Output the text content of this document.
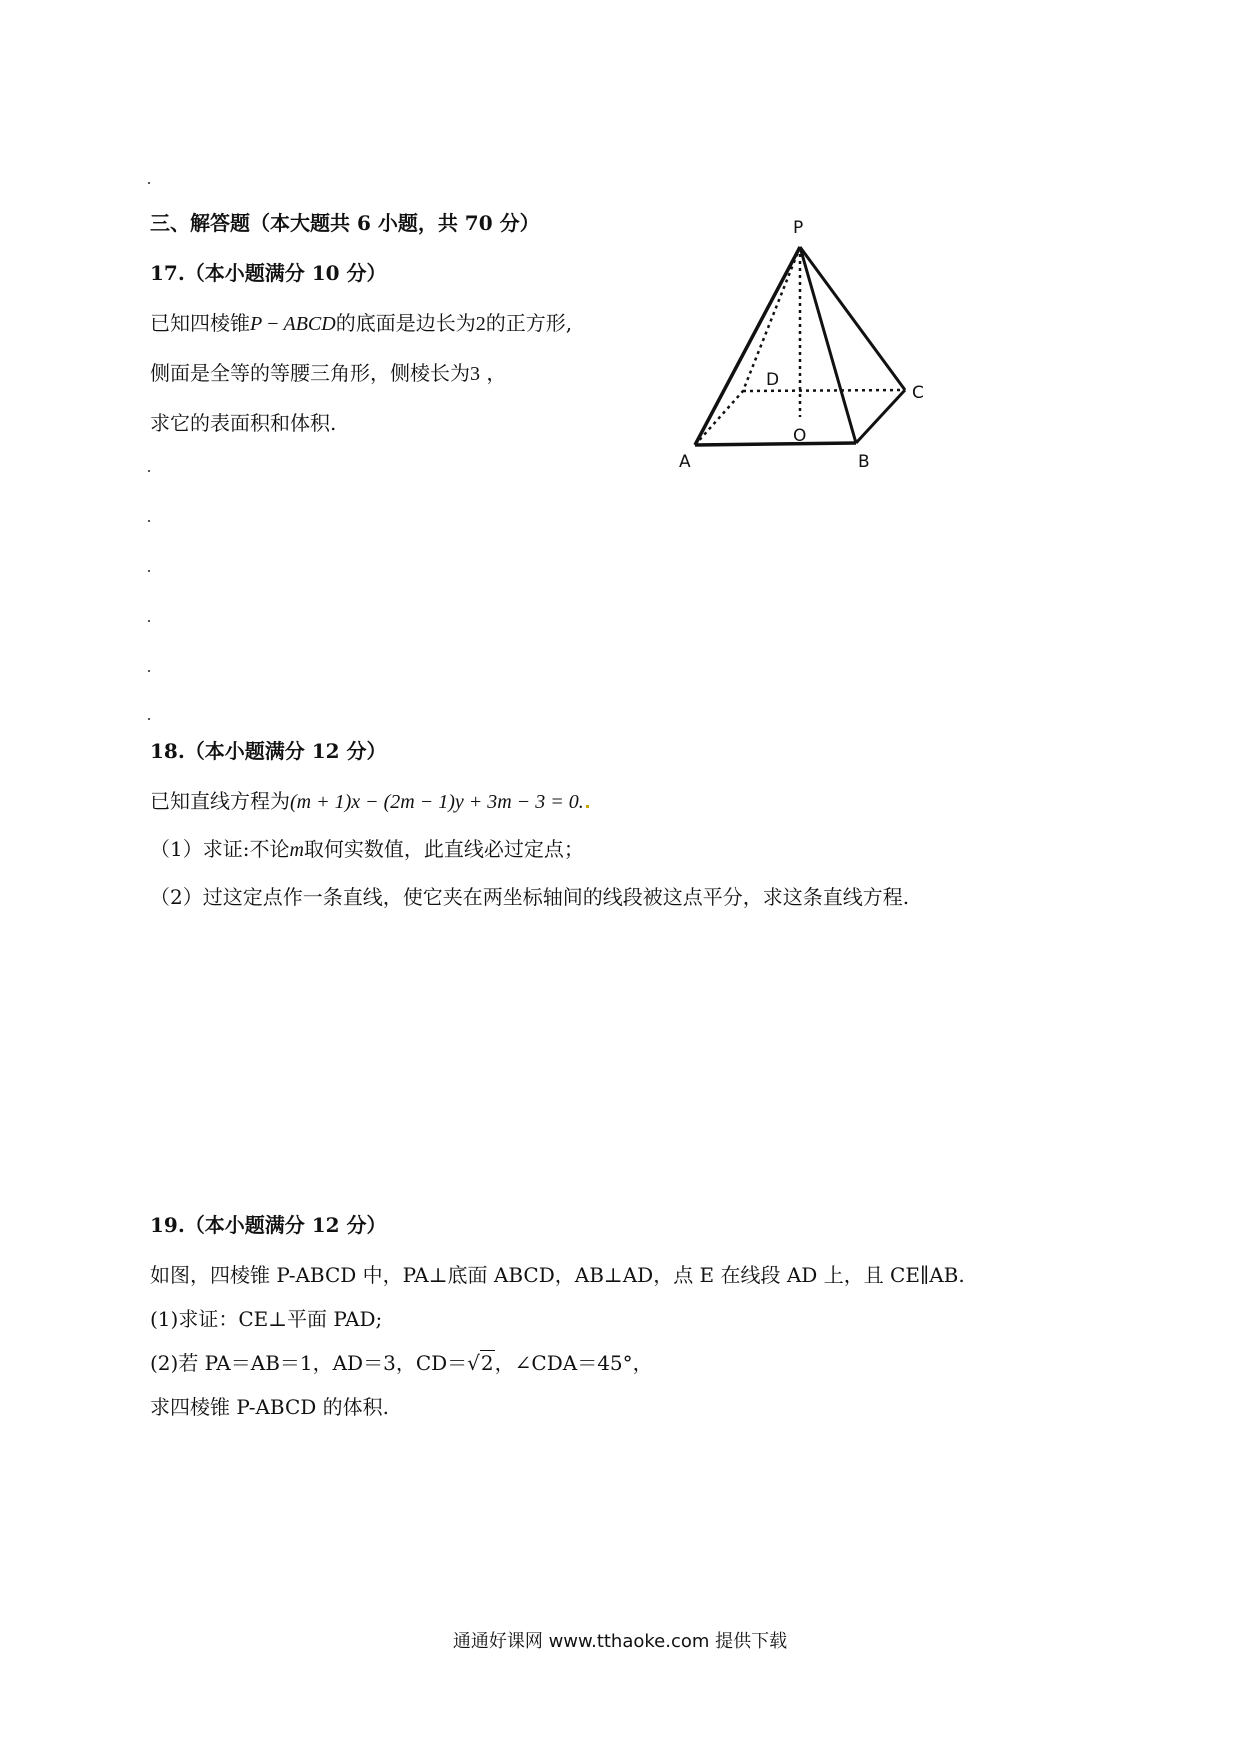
三、解答题（本大题共 6 小题，共 70 分）
17.（本小题满分 10 分）
已知四棱锥P − ABCD的底面是边长为2的正方形,
侧面是全等的等腰三角形，侧棱长为3 ，
求它的表面积和体积.
P
A	B
C
D
O
18.（本小题满分 12 分）
已知直线方程为(m + 1)x − (2m − 1)y + 3m − 3 = 0.
（1）求证:不论m取何实数值，此直线必过定点；
（2）过这定点作一条直线，使它夹在两坐标轴间的线段被这点平分，求这条直线方程.
19.（本小题满分 12 分）
如图，四棱锥 P-ABCD 中，PA⊥底面 ABCD，AB⊥AD，点 E 在线段 AD 上，且 CE∥AB.
(1)求证：CE⊥平面 PAD;
(2)若 PA＝AB＝1，AD＝3，CD＝√2，∠CDA＝45°，
求四棱锥 P-ABCD 的体积.
通通好课网 www.tthaoke.com 提供下载
